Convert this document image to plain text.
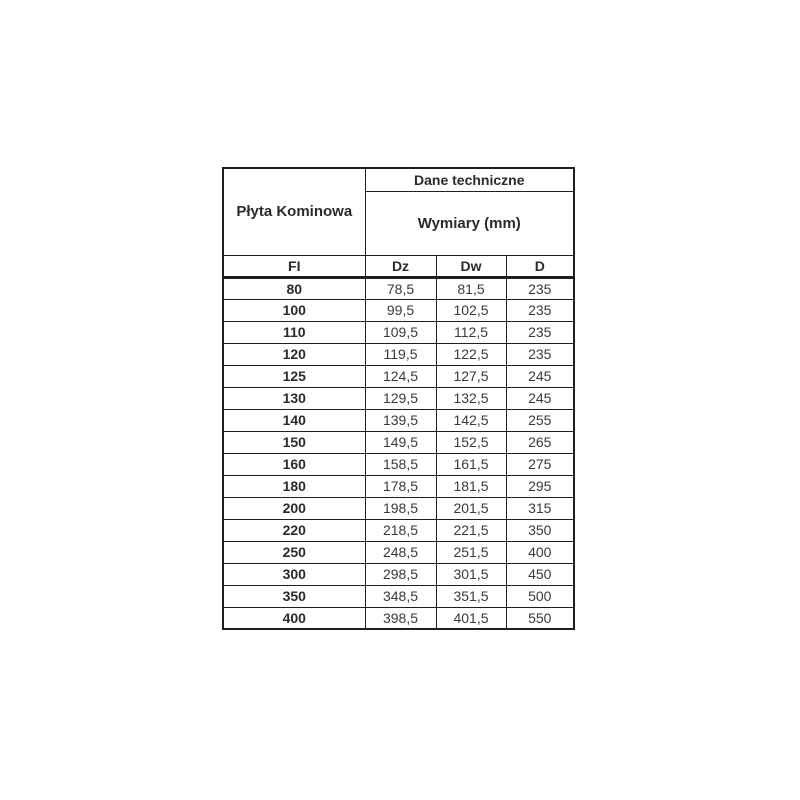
Płyta Kominowa	Dane techniczne		
	Wymiary (mm)		
FI	Dz	Dw	D
80	78,5	81,5	235
100	99,5	102,5	235
110	109,5	112,5	235
120	119,5	122,5	235
125	124,5	127,5	245
130	129,5	132,5	245
140	139,5	142,5	255
150	149,5	152,5	265
160	158,5	161,5	275
180	178,5	181,5	295
200	198,5	201,5	315
220	218,5	221,5	350
250	248,5	251,5	400
300	298,5	301,5	450
350	348,5	351,5	500
400	398,5	401,5	550
